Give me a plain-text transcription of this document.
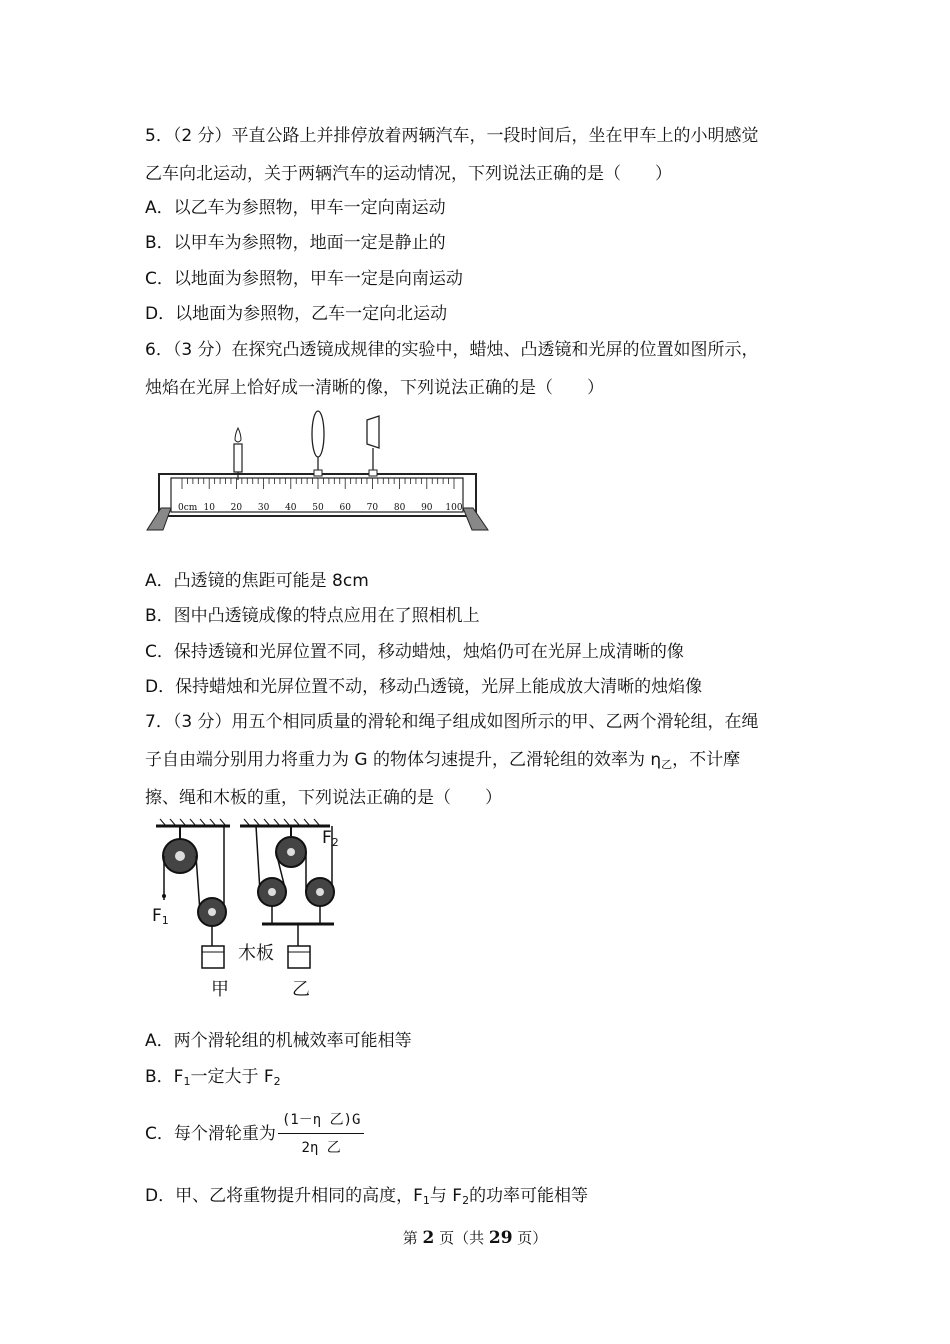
5．（2 分）平直公路上并排停放着两辆汽车，一段时间后，坐在甲车上的小明感觉
乙车向北运动，关于两辆汽车的运动情况，下列说法正确的是（　　）
A．以乙车为参照物，甲车一定向南运动
B．以甲车为参照物，地面一定是静止的
C．以地面为参照物，甲车一定是向南运动
D．以地面为参照物，乙车一定向北运动
6．（3 分）在探究凸透镜成规律的实验中，蜡烛、凸透镜和光屏的位置如图所示，
烛焰在光屏上恰好成一清晰的像，下列说法正确的是（　　）
0cm 10 20 30 40 50 60 70 80 90 100
A．凸透镜的焦距可能是 8cm
B．图中凸透镜成像的特点应用在了照相机上
C．保持透镜和光屏位置不同，移动蜡烛，烛焰仍可在光屏上成清晰的像
D．保持蜡烛和光屏位置不动，移动凸透镜，光屏上能成放大清晰的烛焰像
7．（3 分）用五个相同质量的滑轮和绳子组成如图所示的甲、乙两个滑轮组，在绳
子自由端分别用力将重力为 G 的物体匀速提升，乙滑轮组的效率为 $\eta_乙$，不计摩
擦、绳和木板的重，下列说法正确的是（　　）
$F_1$
$F_2$
木板
甲	乙
A．两个滑轮组的机械效率可能相等
B．$F_1$一定大于 $F_2$
C．每个滑轮重为 $\frac{\text{(1－η 乙)G}}{\text{2η 乙}}$
D．甲、乙将重物提升相同的高度，$F_1$与 $F_2$的功率可能相等
第 2 页（共 29 页）
